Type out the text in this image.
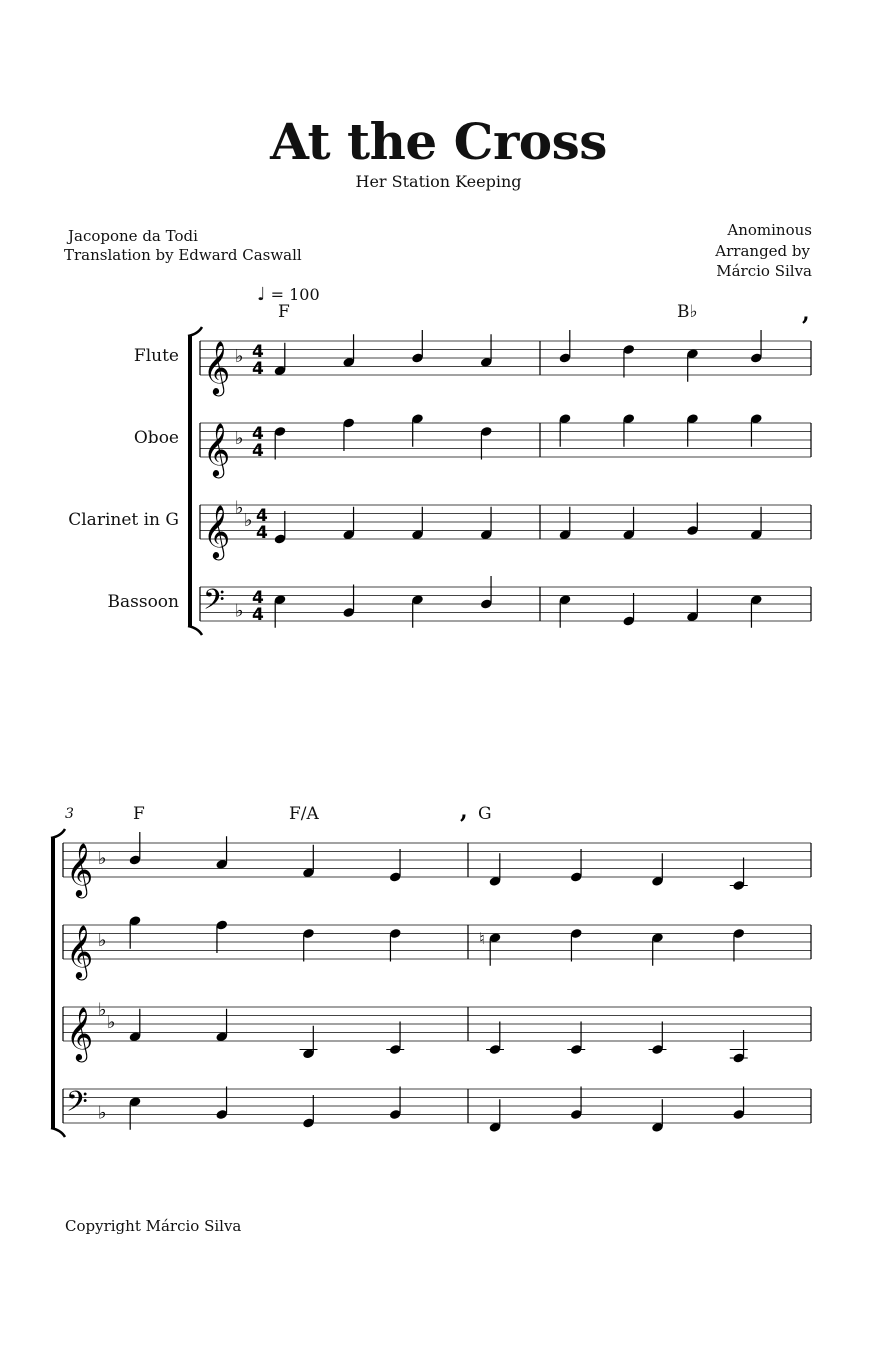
At the Cross
Her Station Keeping
Jacopone da Todi
Translation by Edward Caswall
Anominous
Arranged by
Márcio Silva
♩ = 100
Flute
Oboe
Clarinet in G
Bassoon
F	B♭
3	F	F/A	G
Copyright Márcio Silva
𝄞 ♭ 4
4
𝄞 ♭ 4
4
𝄞 ♭
♭ 4
4
𝄢 ♭
4
4
,
𝄞 ♭
𝄞 ♭	♮
𝄞 ♭
♭
𝄢 ♭
,
